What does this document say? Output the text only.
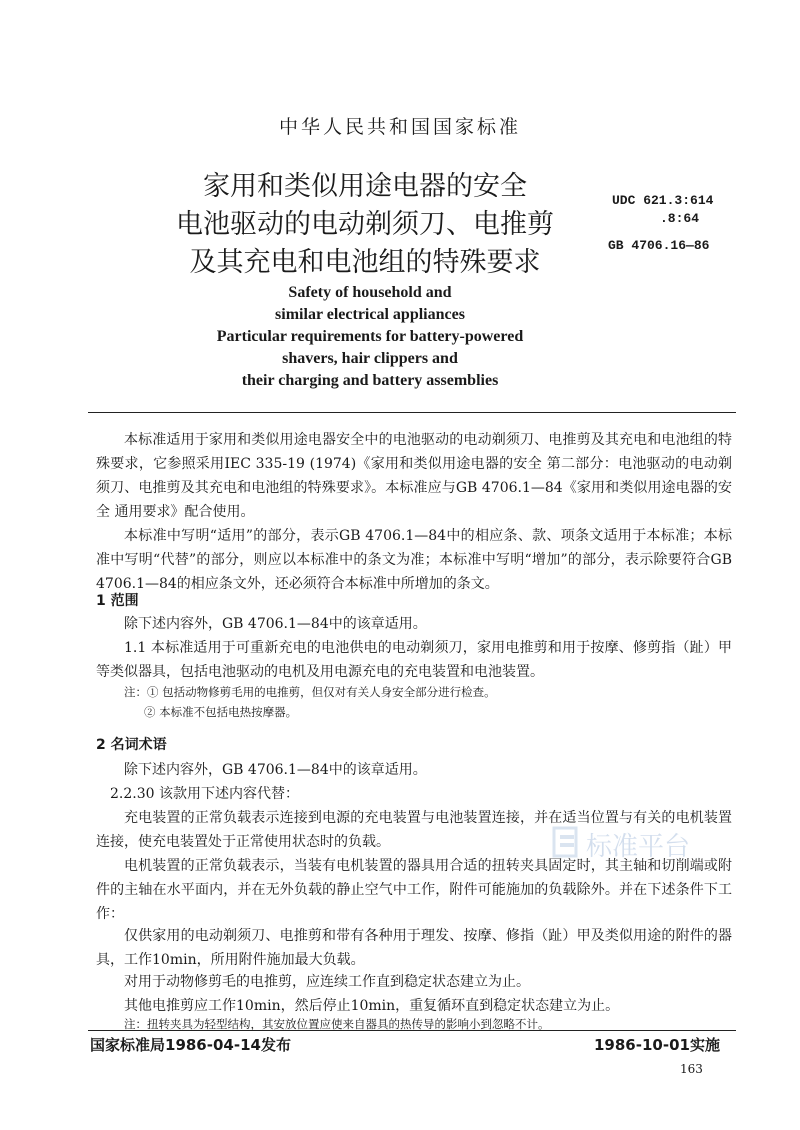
中华人民共和国国家标准
家用和类似用途电器的安全
电池驱动的电动剃须刀、电推剪
及其充电和电池组的特殊要求
UDC 621.3:614
.8:64
GB 4706.16—86
Safety of household and
similar electrical appliances
Particular requirements for battery-powered
shavers, hair clippers and
their charging and battery assemblies
本标准适用于家用和类似用途电器安全中的电池驱动的电动剃须刀、电推剪及其充电和电池组的特殊要求，它参照采用IEC 335-19 (1974)《家用和类似用途电器的安全 第二部分：电池驱动的电动剃须刀、电推剪及其充电和电池组的特殊要求》。本标准应与GB 4706.1—84《家用和类似用途电器的安全 通用要求》配合使用。
本标准中写明“适用”的部分，表示GB 4706.1—84中的相应条、款、项条文适用于本标准；本标准中写明“代替”的部分，则应以本标准中的条文为准；本标准中写明“增加”的部分，表示除要符合GB 4706.1—84的相应条文外，还必须符合本标准中所增加的条文。
1 范围
除下述内容外，GB 4706.1—84中的该章适用。
1.1 本标准适用于可重新充电的电池供电的电动剃须刀，家用电推剪和用于按摩、修剪指（趾）甲等类似器具，包括电池驱动的电机及用电源充电的充电装置和电池装置。
注：① 包括动物修剪毛用的电推剪，但仅对有关人身安全部分进行检查。
② 本标准不包括电热按摩器。
2 名词术语
除下述内容外，GB 4706.1—84中的该章适用。
2.2.30 该款用下述内容代替：
充电装置的正常负载表示连接到电源的充电装置与电池装置连接，并在适当位置与有关的电机装置连接，使充电装置处于正常使用状态时的负载。
电机装置的正常负载表示，当装有电机装置的器具用合适的扭转夹具固定时，其主轴和切削端或附件的主轴在水平面内，并在无外负载的静止空气中工作，附件可能施加的负载除外。并在下述条件下工作：
仅供家用的电动剃须刀、电推剪和带有各种用于理发、按摩、修指（趾）甲及类似用途的附件的器具，工作10min，所用附件施加最大负载。
对用于动物修剪毛的电推剪，应连续工作直到稳定状态建立为止。
其他电推剪应工作10min，然后停止10min，重复循环直到稳定状态建立为止。
注：扭转夹具为轻型结构，其安放位置应使来自器具的热传导的影响小到忽略不计。
国家标准局1986-04-14发布	1986-10-01实施
163
标准平台
